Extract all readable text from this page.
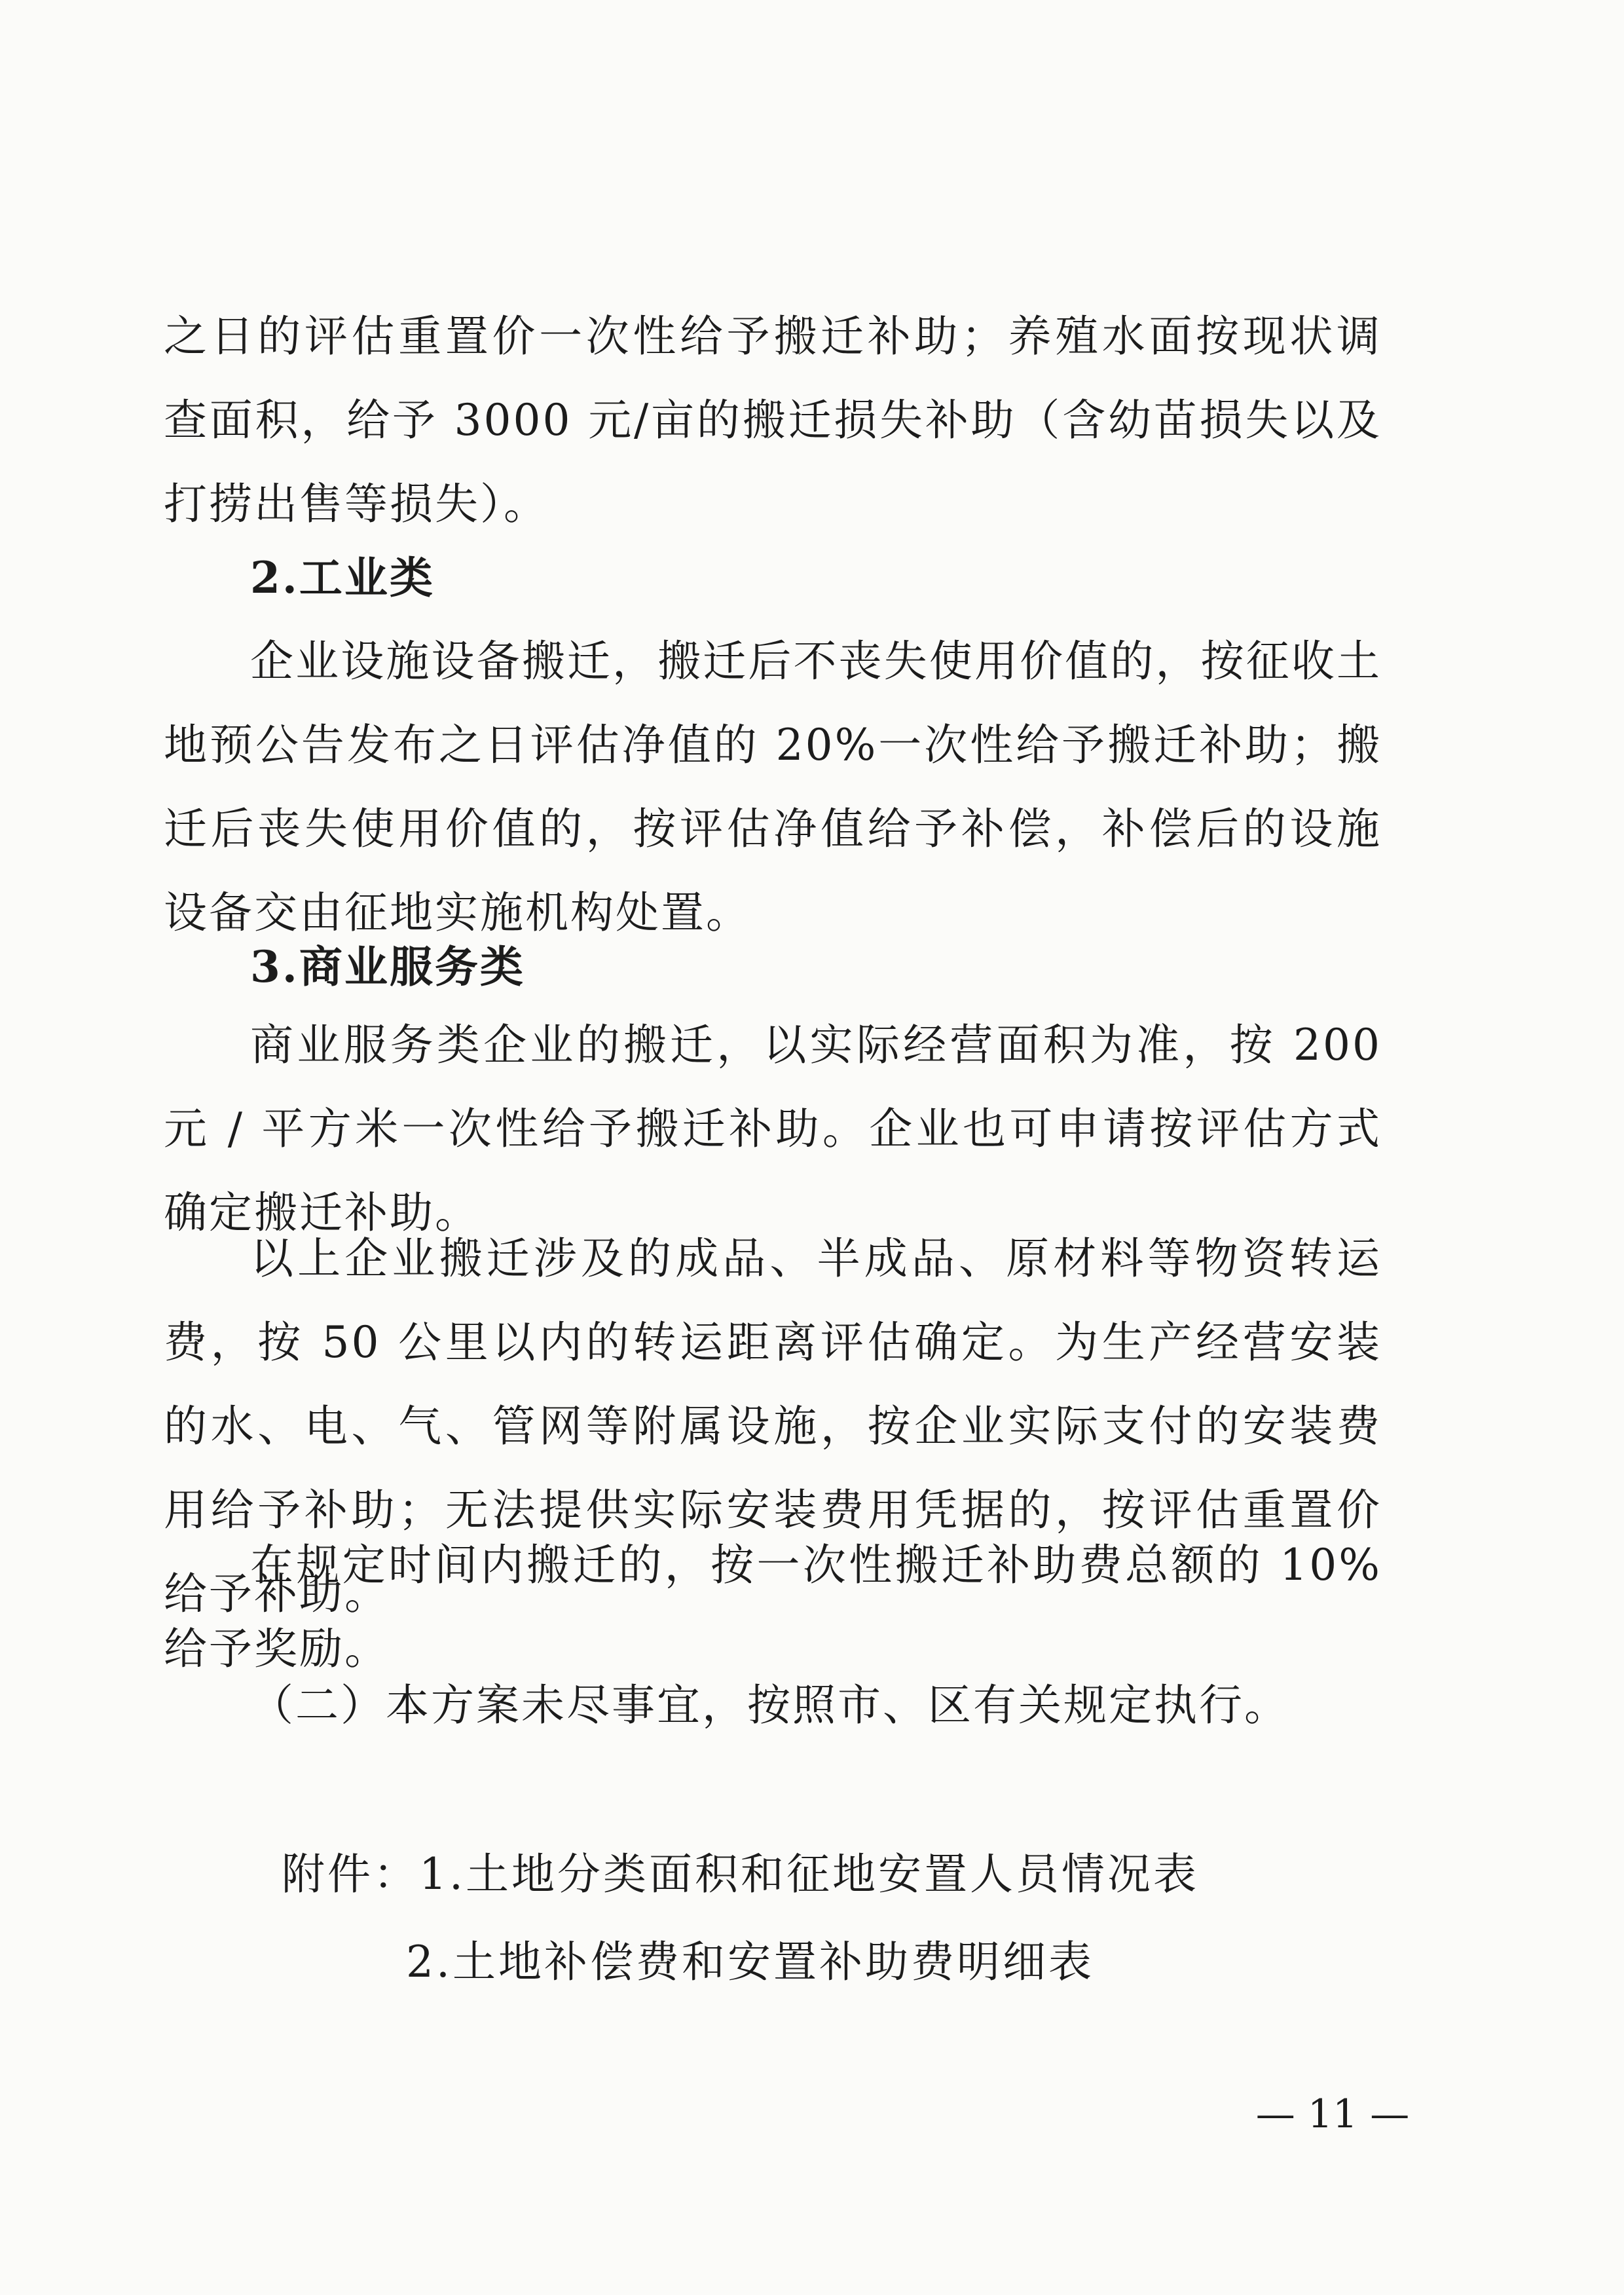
之日的评估重置价一次性给予搬迁补助；养殖水面按现状调查面积，给予 3000 元/亩的搬迁损失补助（含幼苗损失以及打捞出售等损失）。
2.工业类
企业设施设备搬迁，搬迁后不丧失使用价值的，按征收土地预公告发布之日评估净值的 20%一次性给予搬迁补助；搬迁后丧失使用价值的，按评估净值给予补偿，补偿后的设施设备交由征地实施机构处置。
3.商业服务类
商业服务类企业的搬迁，以实际经营面积为准，按 200 元 / 平方米一次性给予搬迁补助。企业也可申请按评估方式确定搬迁补助。
以上企业搬迁涉及的成品、半成品、原材料等物资转运费，按 50 公里以内的转运距离评估确定。为生产经营安装的水、电、气、管网等附属设施，按企业实际支付的安装费用给予补助；无法提供实际安装费用凭据的，按评估重置价给予补助。
在规定时间内搬迁的，按一次性搬迁补助费总额的 10%给予奖励。
（二）本方案未尽事宜，按照市、区有关规定执行。
附件：1.土地分类面积和征地安置人员情况表
2.土地补偿费和安置补助费明细表
— 11 —
